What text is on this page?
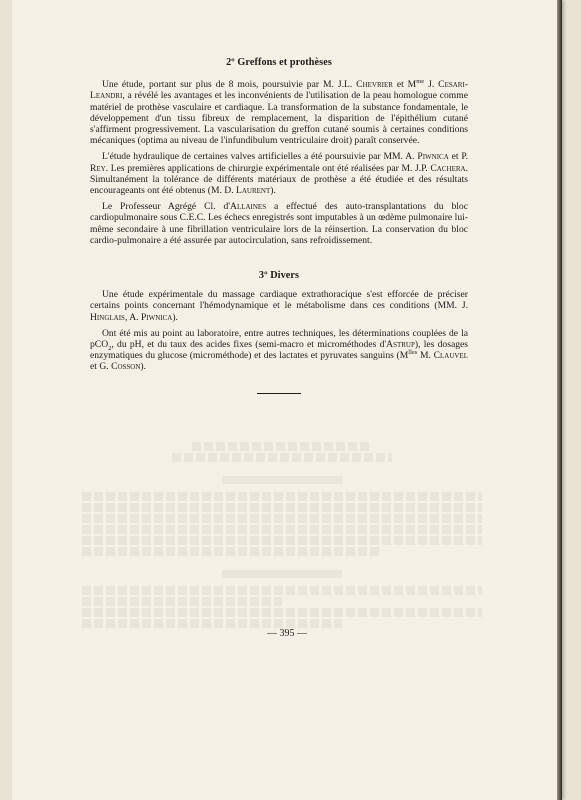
2º Greffons et prothèses

Une étude, portant sur plus de 8 mois, poursuivie par M. J.L. Chevrier et $M^{me}$ J. Cesari-Leandri, a révélé les avantages et les inconvénients de l'utilisation de la peau homologue comme matériel de prothèse vasculaire et cardiaque. La transformation de la substance fondamentale, le développement d'un tissu fibreux de remplacement, la disparition de l'épithélium cutané s'affirment progressivement. La vascularisation du greffon cutané soumis à certaines conditions mécaniques (optima au niveau de l'infundibulum ventriculaire droit) paraît conservée.

L'étude hydraulique de certaines valves artificielles a été poursuivie par MM. A. Piwnica et P. Rey. Les premières applications de chirurgie expérimentale ont été réalisées par M. J.P. Cachera. Simultanément la tolérance de différents matériaux de prothèse a été étudiée et des résultats encourageants ont été obtenus (M. D. Laurent).

Le Professeur Agrégé Cl. d'Allaines a effectué des auto-transplantations du bloc cardiopulmonaire sous C.E.C. Les échecs enregistrés sont imputables à un œdème pulmonaire lui-même secondaire à une fibrillation ventriculaire lors de la réinsertion. La conservation du bloc cardio-pulmonaire a été assurée par autocirculation, sans refroidissement.

3º Divers

Une étude expérimentale du massage cardiaque extrathoracique s'est efforcée de préciser certains points concernant l'hémodynamique et le métabolisme dans ces conditions (MM. J. Hinglais, A. Piwnica).

Ont été mis au point au laboratoire, entre autres techniques, les déterminations couplées de la pCO$_2$, du pH, et du taux des acides fixes (semi-macro et microméthodes d'Astrup), les dosages enzymatiques du glucose (microméthode) et des lactates et pyruvates sanguins ($M^{lles}$ M. Clauvel et G. Cosson).

— 395 —
